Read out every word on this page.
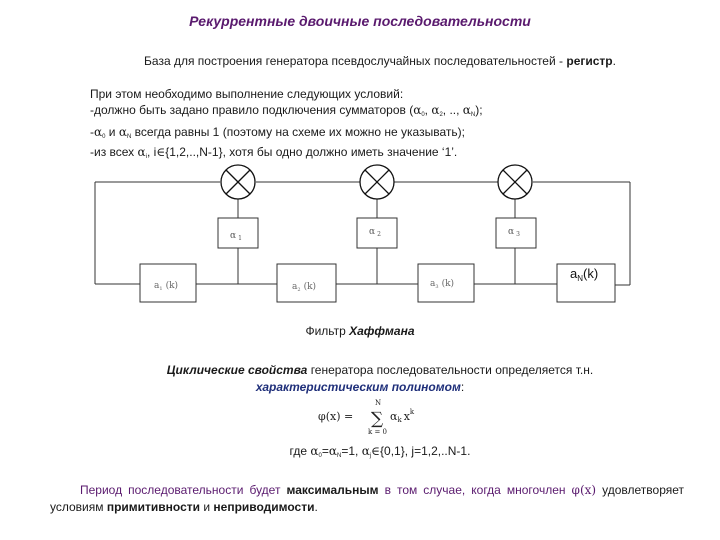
Рекуррентные двоичные последовательности
База для построения генератора псевдослучайных последовательностей - регистр.
При этом необходимо выполнение следующих условий:
-должно быть задано правило подключения сумматоров ($\alpha_0$, $\alpha_2$, .., $\alpha_N$);
$-\alpha_0$ и $\alpha_N$ всегда равны 1 (поэтому на схеме их можно не указывать);
-из всех $\alpha_i$, i∈{1,2,..,N-1}, хотя бы одно должно иметь значение ‘1’.
α $_1$
α $_2$	α $_3$
$a_1$ (k)	$a_2$ (k)	$a_3$ (k)
$a_N(k)$
Фильтр Хаффмана
Циклические свойства генератора последовательности определяется т.н.
характеристическим полиномом:
φ(x) =
N
∑
k = 0
αk $x^k$
где $\alpha_0=\alpha_N=1$, $\alpha_j\in\{0,1\}$, j=1,2,..N-1.
Период последовательности будет максимальным в том случае, когда многочлен φ(x) удовлетворяет условиям примитивности и неприводимости.
